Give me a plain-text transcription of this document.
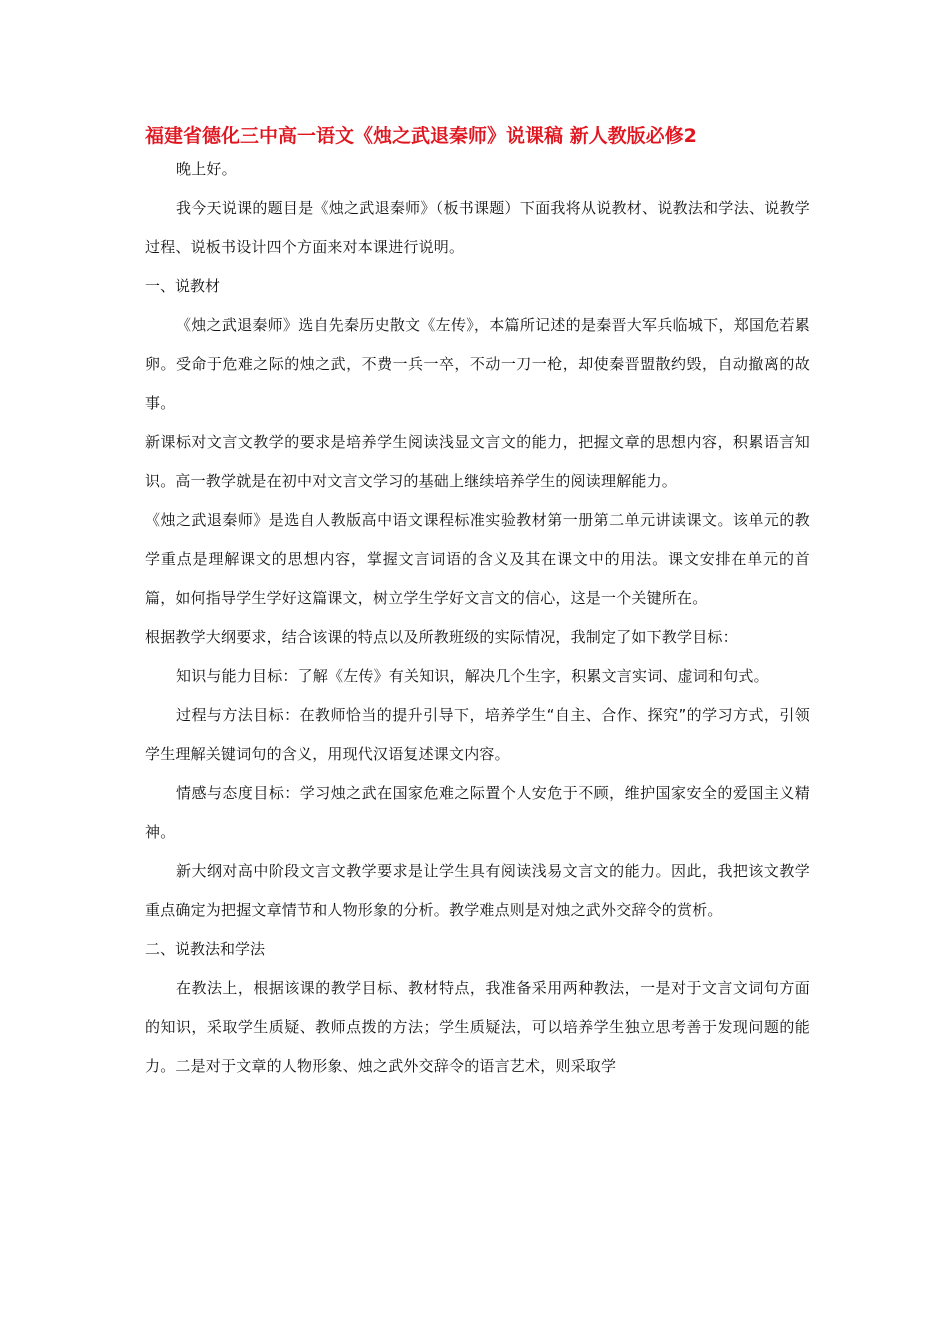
福建省德化三中高一语文《烛之武退秦师》说课稿 新人教版必修2

晚上好。

我今天说课的题目是《烛之武退秦师》（板书课题）下面我将从说教材、说教法和学法、说教学过程、说板书设计四个方面来对本课进行说明。

一、说教材

《烛之武退秦师》选自先秦历史散文《左传》，本篇所记述的是秦晋大军兵临城下，郑国危若累卵。受命于危难之际的烛之武，不费一兵一卒，不动一刀一枪，却使秦晋盟散约毁，自动撤离的故事。

新课标对文言文教学的要求是培养学生阅读浅显文言文的能力，把握文章的思想内容，积累语言知识。高一教学就是在初中对文言文学习的基础上继续培养学生的阅读理解能力。

《烛之武退秦师》是选自人教版高中语文课程标准实验教材第一册第二单元讲读课文。该单元的教学重点是理解课文的思想内容，掌握文言词语的含义及其在课文中的用法。课文安排在单元的首篇，如何指导学生学好这篇课文，树立学生学好文言文的信心，这是一个关键所在。

根据教学大纲要求，结合该课的特点以及所教班级的实际情况，我制定了如下教学目标：

知识与能力目标：了解《左传》有关知识，解决几个生字，积累文言实词、虚词和句式。

过程与方法目标：在教师恰当的提升引导下，培养学生“自主、合作、探究”的学习方式，引领学生理解关键词句的含义，用现代汉语复述课文内容。

情感与态度目标：学习烛之武在国家危难之际置个人安危于不顾，维护国家安全的爱国主义精神。

新大纲对高中阶段文言文教学要求是让学生具有阅读浅易文言文的能力。因此，我把该文教学重点确定为把握文章情节和人物形象的分析。教学难点则是对烛之武外交辞令的赏析。

二、说教法和学法

在教法上，根据该课的教学目标、教材特点，我准备采用两种教法，一是对于文言文词句方面的知识，采取学生质疑、教师点拨的方法；学生质疑法，可以培养学生独立思考善于发现问题的能力。二是对于文章的人物形象、烛之武外交辞令的语言艺术，则采取学
